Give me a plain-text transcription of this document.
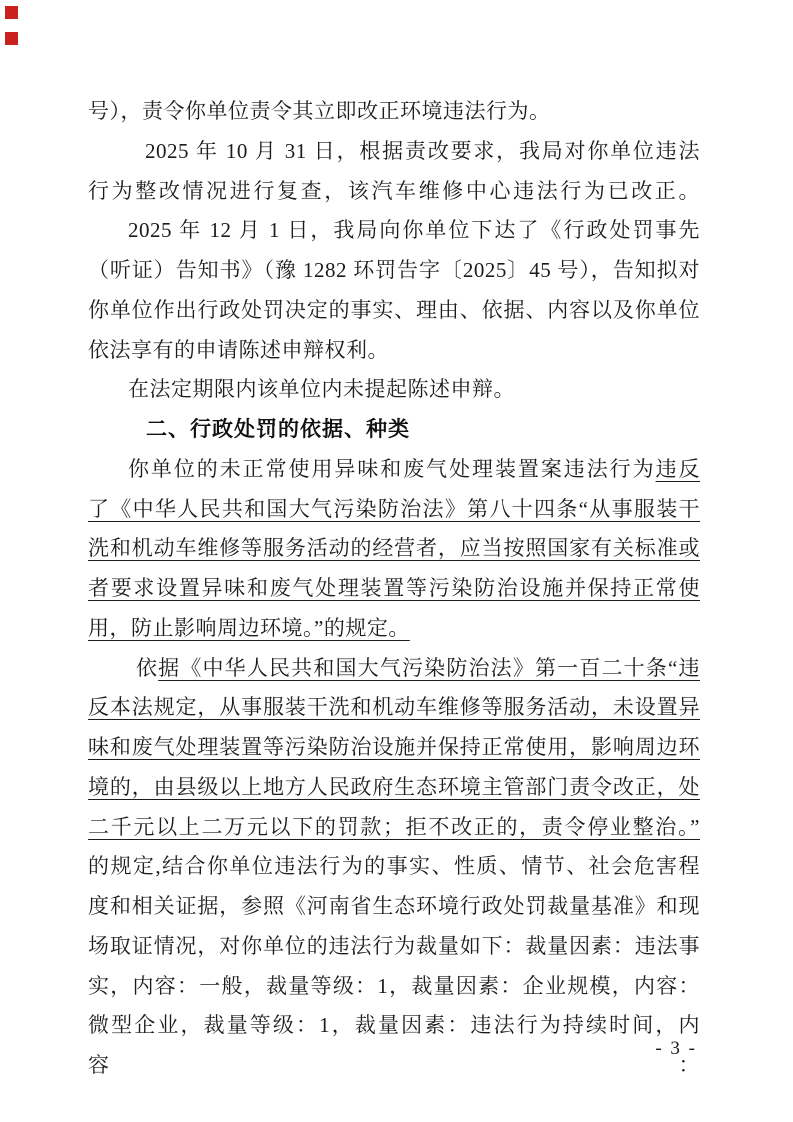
号），责令你单位责令其立即改正环境违法行为。
2025 年 10 月 31 日，根据责改要求，我局对你单位违法
行为整改情况进行复查，该汽车维修中心违法行为已改正。
2025 年 12 月 1 日，我局向你单位下达了《行政处罚事先
（听证）告知书》（豫 1282 环罚告字〔2025〕45 号），告知拟对
你单位作出行政处罚决定的事实、理由、依据、内容以及你单位
依法享有的申请陈述申辩权利。
在法定期限内该单位内未提起陈述申辩。
二、行政处罚的依据、种类
你单位的未正常使用异味和废气处理装置案违法行为违反
了《中华人民共和国大气污染防治法》第八十四条“从事服装干
洗和机动车维修等服务活动的经营者，应当按照国家有关标准或
者要求设置异味和废气处理装置等污染防治设施并保持正常使
用，防止影响周边环境。”的规定。
依据《中华人民共和国大气污染防治法》第一百二十条“违
反本法规定，从事服装干洗和机动车维修等服务活动，未设置异
味和废气处理装置等污染防治设施并保持正常使用，影响周边环
境的，由县级以上地方人民政府生态环境主管部门责令改正，处
二千元以上二万元以下的罚款；拒不改正的，责令停业整治。”
的规定,结合你单位违法行为的事实、性质、情节、社会危害程
度和相关证据，参照《河南省生态环境行政处罚裁量基准》和现
场取证情况，对你单位的违法行为裁量如下：裁量因素：违法事
实，内容：一般，裁量等级：1，裁量因素：企业规模，内容：
微型企业，裁量等级：1，裁量因素：违法行为持续时间，内容：
- 3 -
